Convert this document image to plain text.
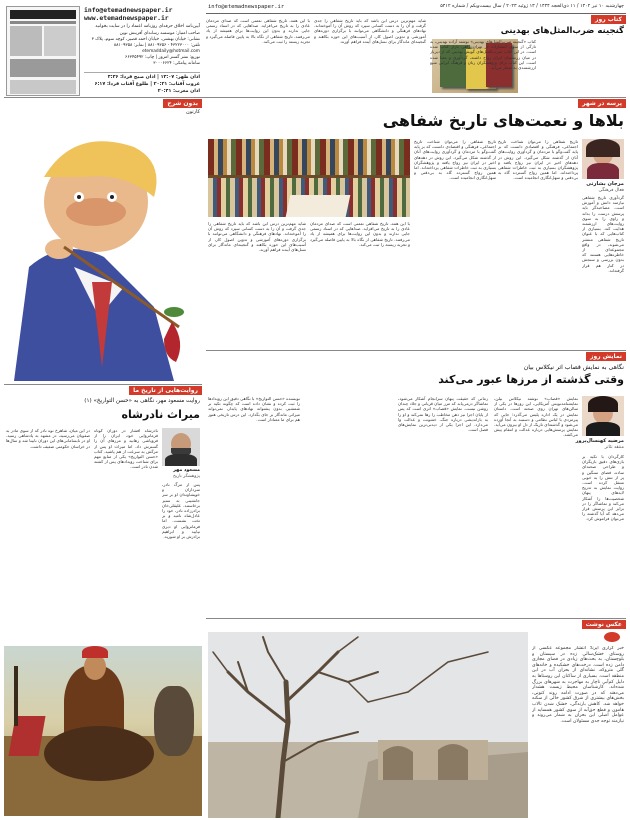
info@etemadnewspaper.ir	چهارشنبه ۱۰ تیر ۱۴۰۲ / ۱۱ ذی‌الحجه ۱۴۴۴ / ۱۳ ژوئیه ۲۰۲۳ / سال بیست‌و‌یکم / شماره ۵۴۱۲
info@etemadnewspaper.ir
www.etemadnewspaper.ir
آیین‌نامه اخلاق حرفه‌ای روزنامه اعتماد را در سایت بخوانید
صاحب امتیاز: موسسه رسانه‌ای آفرینش نوین
نشانی: خیابان بهشتی، خیابان احمد قصیر، کوچه سوم، پلاک ۳
تلفن: ۴۳۲۲۳۰۰۰ - ۸۸۱۰۹۳۵۶ | نمابر: ۸۸۱۰۹۳۵۸
etemaddaily@hotmail.com
توزیع: نشر گستر امروز | چاپ: ۶۶۳۴۵۴۹۲
سامانه پیامکی: ۳۰۰۰۶۶۲۴
اذان ظهر: ۱۳:۰۷ | اذان صبح فردا: ۴:۳۶
غروب آفتاب: ۲۰:۲۱ | طلوع آفتاب فردا: ۶:۱۷
اذان مغرب: ۲۰:۴۱
کتاب روز
گنجینه ضرب‌المثل‌های بهدینی
کتاب «گنجینه ضرب‌المثل‌های بهدینی» نوشته آزاده بهدینی، به تازگی از سوی انتشارات در تهران راهی بازار کتاب شده است. در این کتاب ضرب‌المثل‌های گویش بهدینی که از دیرباز در میان زرتشتیان ایران رواج داشته، گردآوری و معنا شده است. این کتاب برای پژوهشگران زبان و فرهنگ ایرانی منبع ارزشمندی به شمار می‌آید.
با این همه، تاریخ شفاهی نعمتی است که صدای مردمان عادی را به تاریخ می‌افزاید. صداهایی که در اسناد رسمی جایی ندارند و بدون این روایت‌ها برای همیشه از یاد می‌رفتند. تاریخ شفاهی از نگاه بالا به پایین فاصله می‌گیرد و تجربه زیسته را ثبت می‌کند.
شاید مهم‌ترین درس این باشد که باید تاریخ شفاهی را جدی گرفت و آن را به دست کسانی سپرد که روش آن را آموخته‌اند. نهادهای فرهنگی و دانشگاهی می‌توانند با برگزاری دوره‌های آموزشی و تدوین اصول کار، از آسیب‌های این حوزه بکاهند و گنجینه‌ای ماندگار برای نسل‌های آینده فراهم آورند.
بدون شرح
کارتون
پرسه در شهر
بلاها و نعمت‌های تاریخ شفاهی
مرجان بشارتی
فعال فرهنگی
تاریخ شفاهی را می‌توان شناخت تاریخ اجتماعی، فرهنگی و اقتصادی دانست که بر پایه گفت‌وگو با مردمان و گردآوری روایت‌های آنان از گذشته شکل می‌گیرد. این روش در دهه‌های اخیر در ایران نیز رواج یافته و پژوهشگران بسیاری به ثبت خاطرات شفاهی پرداخته‌اند. اما همین رواج گسترده گاه به بی‌دقتی و سهل‌انگاری انجامیده است.
گردآوری تاریخ شفاهی نیازمند دانش و آموزش است. مصاحبه‌گر باید پرسش درست را بداند و راوی را به سوی روایت‌های ارزشمند هدایت کند. بسیاری از کتاب‌هایی که با عنوان تاریخ شفاهی منتشر می‌شوند، در واقع مجموعه‌ای از خاطره‌هایی هستند که بدون بررسی و سنجش در کنار هم قرار گرفته‌اند.
با این همه، تاریخ شفاهی نعمتی است که صدای مردمان عادی را به تاریخ می‌افزاید. صداهایی که در اسناد رسمی جایی ندارند و بدون این روایت‌ها برای همیشه از یاد می‌رفتند. تاریخ شفاهی از نگاه بالا به پایین فاصله می‌گیرد و تجربه زیسته را ثبت می‌کند.
شاید مهم‌ترین درس این باشد که باید تاریخ شفاهی را جدی گرفت و آن را به دست کسانی سپرد که روش آن را آموخته‌اند. نهادهای فرهنگی و دانشگاهی می‌توانند با برگزاری دوره‌های آموزشی و تدوین اصول کار، از آسیب‌های این حوزه بکاهند و گنجینه‌ای ماندگار برای نسل‌های آینده فراهم آورند.
تاریخ شفاهی را می‌توان شناخت تاریخ اجتماعی، فرهنگی و اقتصادی دانست که بر پایه گفت‌وگو با مردمان و گردآوری روایت‌های آنان از گذشته شکل می‌گیرد. این روش در دهه‌های اخیر در ایران نیز رواج یافته و پژوهشگران بسیاری به ثبت خاطرات شفاهی پرداخته‌اند. اما همین رواج گسترده گاه به بی‌دقتی و سهل‌انگاری انجامیده است.
نمایش روز
نگاهی به نمایش قصاب اثر نیکلاس بیان
وقتی گذشته از مرزها عبور می‌کند
مرضیه کهنسال‌پرور
منتقد تئاتر
کارگردان با تکیه بر بازی‌های دقیق بازیگران و طراحی صحنه‌ای ساده، فضای سنگین و پر از تنش را به خوبی منتقل کرده است. روایت نمایش به تدریج لایه‌های پنهان شخصیت‌ها را آشکار می‌کند و تماشاگر را در برابر این پرسش قرار می‌دهد که آیا گذشته را می‌توان فراموش کرد.
نمایش «قصاب» نوشته نیکلاس بیلن، نمایشنامه‌نویس آمریکایی، این روزها در یکی از سالن‌های تهران روی صحنه است. داستان نمایش در یک اداره پلیس می‌گذرد؛ جایی که پیرمردی با لباس نظامی و دستبند به آنجا آورده می‌شود و گذشته‌ای تاریک از دل او بیرون می‌آید. نمایش پرسش‌هایی درباره عدالت و انتقام پیش می‌کشد.
زمانی که حقیقت پنهان سرانجام آشکار می‌شود، تماشاگر درمی‌یابد که مرز میان قربانی و جلاد چندان روشن نیست. نمایش «قصاب» اثری است که پس از پایان اجرا نیز ذهن مخاطب را رها نمی‌کند و او را به بازاندیشی درباره جنگ، خشونت و عدالت وا می‌دارد. این اجرا یکی از دیدنی‌ترین نمایش‌های فصل است.
نویسنده «حسن التواریخ» با نگاهی دقیق این رویدادها را ثبت کرده و نشان داده است که چگونه تکیه بر شمشیر، بدون پشتوانه نهادهای پایدار، نمی‌تواند میراثی ماندگار بر جای بگذارد. این درس تاریخی هنوز هم برای ما معنادار است.
روایت‌هایی از تاریخ ما
روایت مسعود مهر، نگاهی به «حسن التواریخ» (۱)
میراث نادرشاه
مسعود مهر
پژوهشگر تاریخ
نادرشاه افشار در دوران کوتاه فرمانروایی خود، ایران را از فروپاشی رهانید و مرزهای آن را گسترش داد. اما میراث او پس از مرگش به سرعت از هم پاشید. کتاب «حسن التواریخ» یکی از منابع مهم برای شناخت رویدادهای پس از کشته شدن نادر است.
پس از مرگ نادر، سرداران و خویشاوندان او بر سر جانشینی به ستیز برخاستند. علیقلی‌خان برادرزاده نادر، خود را عادل‌شاه نامید و بر تخت نشست. اما فرمانروایی او دیری نپایید و ابراهیم برادرش بر او شورید.
در این میان، شاهرخ نوه نادر که از سوی مادر به صفویان می‌رسید، در مشهد به پادشاهی رسید. او در نابسامانی‌های این دوران نابینا شد و سال‌ها در خراسان حکومتی ضعیف داشت.
عکس نوشت
خبر گزاری ایرنا؛ انتشار مجموعه عکسی از روستای خشک‌سالی زده در سیستان و بلوچستان، به بحث‌های زیادی در فضای مجازی دامن زده است. درخت‌های خشکیده و خانه‌های گلی متروکه، نشانه‌ای از بحران آب در این منطقه است. بسیاری از ساکنان این روستاها به دلیل کم‌آبی ناچار به مهاجرت به شهرهای بزرگ شده‌اند. کارشناسان محیط زیست هشدار می‌دهند که در صورت ادامه روند کنونی، بخش‌های بیشتری از شرق کشور خالی از سکنه خواهد شد. کاهش بارندگی، خشک شدن تالاب هامون و قطع حق‌آبه از سوی کشور همسایه از عوامل اصلی این بحران به شمار می‌روند و نیازمند توجه جدی مسئولان است.
